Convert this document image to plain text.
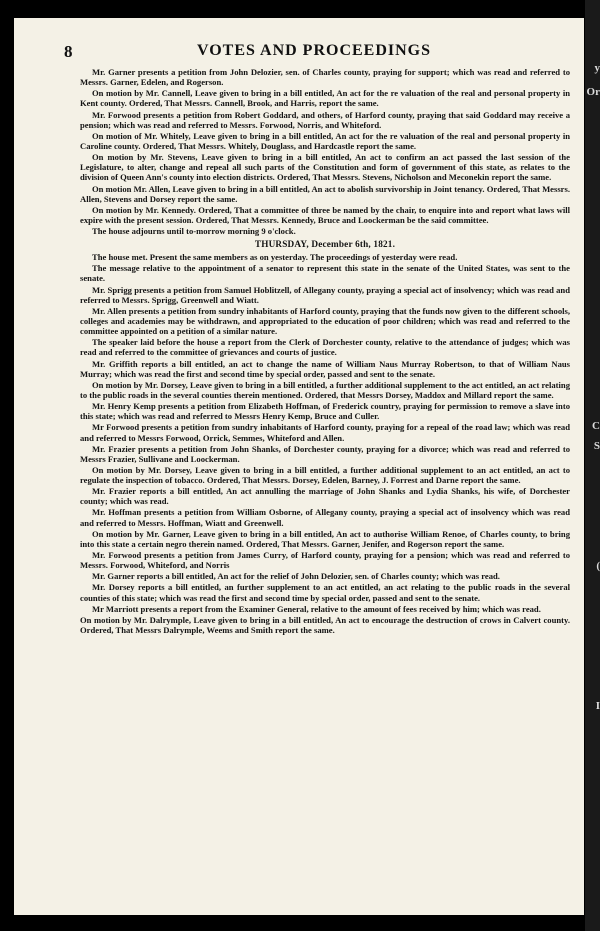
8	VOTES AND PROCEEDINGS

Mr. Garner presents a petition from John Delozier, sen. of Charles county, praying for support; which was read and referred to Messrs. Garner, Edelen, and Rogerson.

On motion by Mr. Cannell, Leave given to bring in a bill entitled, An act for the re valuation of the real and personal property in Kent county. Ordered, That Messrs. Cannell, Brook, and Harris, report the same.

Mr. Forwood presents a petition from Robert Goddard, and others, of Harford county, praying that said Goddard may receive a pension; which was read and referred to Messrs. Forwood, Norris, and Whiteford.

On motion of Mr. Whitely, Leave given to bring in a bill entitled, An act for the re valuation of the real and personal property in Caroline county. Ordered, That Messrs. Whitely, Douglass, and Hardcastle report the same.

On motion by Mr. Stevens, Leave given to bring in a bill entitled, An act to confirm an act passed the last session of the Legislature, to alter, change and repeal all such parts of the Constitution and form of government of this state, as relates to the division of Queen Ann's county into election districts. Ordered, That Messrs. Stevens, Nicholson and Meconekin report the same.

On motion Mr. Allen, Leave given to bring in a bill entitled, An act to abolish survivorship in Joint tenancy. Ordered, That Messrs. Allen, Stevens and Dorsey report the same.

On motion by Mr. Kennedy. Ordered, That a committee of three be named by the chair, to enquire into and report what laws will expire with the present session. Ordered, That Messrs. Kennedy, Bruce and Loockerman be the said committee.

The house adjourns until to-morrow morning 9 o'clock.

THURSDAY, December 6th, 1821.

The house met. Present the same members as on yesterday. The proceedings of yesterday were read.

The message relative to the appointment of a senator to represent this state in the senate of the United States, was sent to the senate.

Mr. Sprigg presents a petition from Samuel Hoblitzell, of Allegany county, praying a special act of insolvency; which was read and referred to Messrs. Sprigg, Greenwell and Wiatt.

Mr. Allen presents a petition from sundry inhabitants of Harford county, praying that the funds now given to the different schools, colleges and academies may be withdrawn, and appropriated to the education of poor children; which was read and referred to the committee appointed on a petition of a similar nature.

The speaker laid before the house a report from the Clerk of Dorchester county, relative to the attendance of judges; which was read and referred to the committee of grievances and courts of justice.

Mr. Griffith reports a bill entitled, an act to change the name of William Naus Murray Robertson, to that of William Naus Murray; which was read the first and second time by special order, passed and sent to the senate.

On motion by Mr. Dorsey, Leave given to bring in a bill entitled, a further additional supplement to the act entitled, an act relating to the public roads in the several counties therein mentioned. Ordered, that Messrs Dorsey, Maddox and Millard report the same.

Mr. Henry Kemp presents a petition from Elizabeth Hoffman, of Frederick country, praying for permission to remove a slave into this state; which was read and referred to Messrs Henry Kemp, Bruce and Culler.

Mr Forwood presents a petition from sundry inhabitants of Harford county, praying for a repeal of the road law; which was read and referred to Messrs Forwood, Orrick, Semmes, Whiteford and Allen.

Mr. Frazier presents a petition from John Shanks, of Dorchester county, praying for a divorce; which was read and referred to Messrs Frazier, Sullivane and Loockerman.

On motion by Mr. Dorsey, Leave given to bring in a bill entitled, a further additional supplement to an act entitled, an act to regulate the inspection of tobacco. Ordered, That Messrs. Dorsey, Edelen, Barney, J. Forrest and Darne report the same.

Mr. Frazier reports a bill entitled, An act annulling the marriage of John Shanks and Lydia Shanks, his wife, of Dorchester county; which was read.

Mr. Hoffman presents a petition from William Osborne, of Allegany county, praying a special act of insolvency which was read and referred to Messrs. Hoffman, Wiatt and Greenwell.

On motion by Mr. Garner, Leave given to bring in a bill entitled, An act to authorise William Renoe, of Charles county, to bring into this state a certain negro therein named. Ordered, That Messrs. Garner, Jenifer, and Rogerson report the same.

Mr. Forwood presents a petition from James Curry, of Harford county, praying for a pension; which was read and referred to Messrs. Forwood, Whiteford, and Norris

Mr. Garner reports a bill entitled, An act for the relief of John Delozier, sen. of Charles county; which was read.

Mr. Dorsey reports a bill entitled, an further supplement to an act entitled, an act relating to the public roads in the several counties of this state; which was read the first and second time by special order, passed and sent to the senate.

Mr Marriott presents a report from the Examiner General, relative to the amount of fees received by him; which was read.

On motion by Mr. Dalrymple, Leave given to bring in a bill entitled, An act to encourage the destruction of crows in Calvert county. Ordered, That Messrs Dalrymple, Weems and Smith report the same.

y
Or
C
S
(
I
